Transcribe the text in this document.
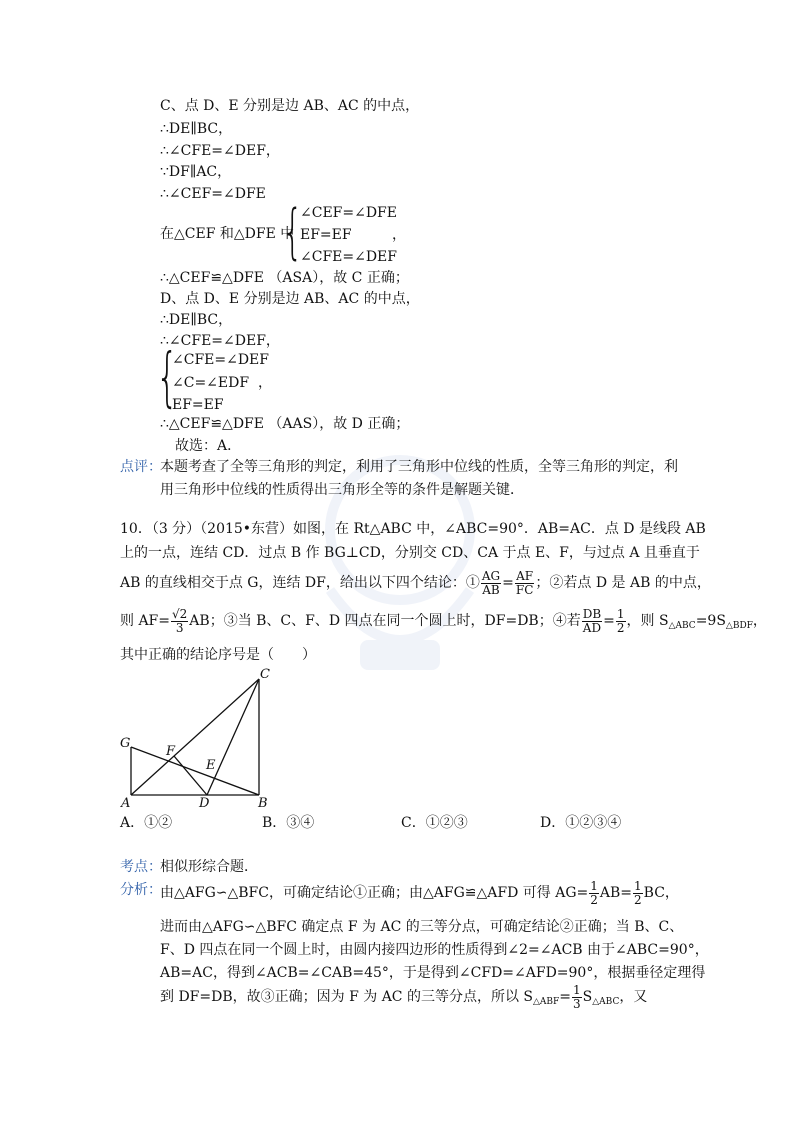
C、点 D、E 分别是边 AB、AC 的中点，
∴DE∥BC，
∴∠CFE=∠DEF，
∵DF∥AC，
∴∠CEF=∠DFE
在△CEF 和△DFE 中
{
∠CEF=∠DFE
EF=EF	，
∠CFE=∠DEF
∴△CEF≌△DFE （ASA），故 C 正确；
D、点 D、E 分别是边 AB、AC 的中点，
∴DE∥BC，
∴∠CFE=∠DEF，
{
∠CFE=∠DEF
∠C=∠EDF ，
EF=EF
∴△CEF≌△DFE （AAS），故 D 正确；
故选：A．
点评：
本题考查了全等三角形的判定，利用了三角形中位线的性质，全等三角形的判定，利
用三角形中位线的性质得出三角形全等的条件是解题关键．
10．（3 分）（2015•东营）如图，在 Rt△ABC 中，∠ABC=90°．AB=AC．点 D 是线段 AB
上的一点，连结 CD．过点 B 作 BG⊥CD，分别交 CD、CA 于点 E、F，与过点 A 且垂直于
AB 的直线相交于点 G，连结 DF，给出以下四个结论：① $\frac{AG}{AB} = \frac{AF}{FC}$ ；②若点 D 是 AB 的中点，
则 $AF= \frac{√2}{3}$ AB；③当 B、C、F、D 四点在同一个圆上时，DF=DB；④若 $\frac{DB}{AD} = \frac{1}{2}$ ，则 $S_{\triangle ABC}=9S_{\triangle BDF}$，
其中正确的结论序号是（　　）
C
G
F
E
A	D	B
A．①②	B．③④	C．①②③	D．①②③④
考点：
相似形综合题．
分析：
由△AFG∽△BFC，可确定结论①正确；由△AFG≌△AFD 可得 $AG= \frac{1}{2} AB= \frac{1}{2}$ BC，
进而由△AFG∽△BFC 确定点 F 为 AC 的三等分点，可确定结论②正确；当 B、C、
F、D 四点在同一个圆上时，由圆内接四边形的性质得到∠2=∠ACB 由于∠ABC=90°，
AB=AC，得到∠ACB=∠CAB=45°，于是得到∠CFD=∠AFD=90°，根据垂径定理得
到 DF=DB，故③正确；因为 F 为 AC 的三等分点，所以 $S_{\triangle ABF}= \frac{1}{3} S_{\triangle ABC}$，又
